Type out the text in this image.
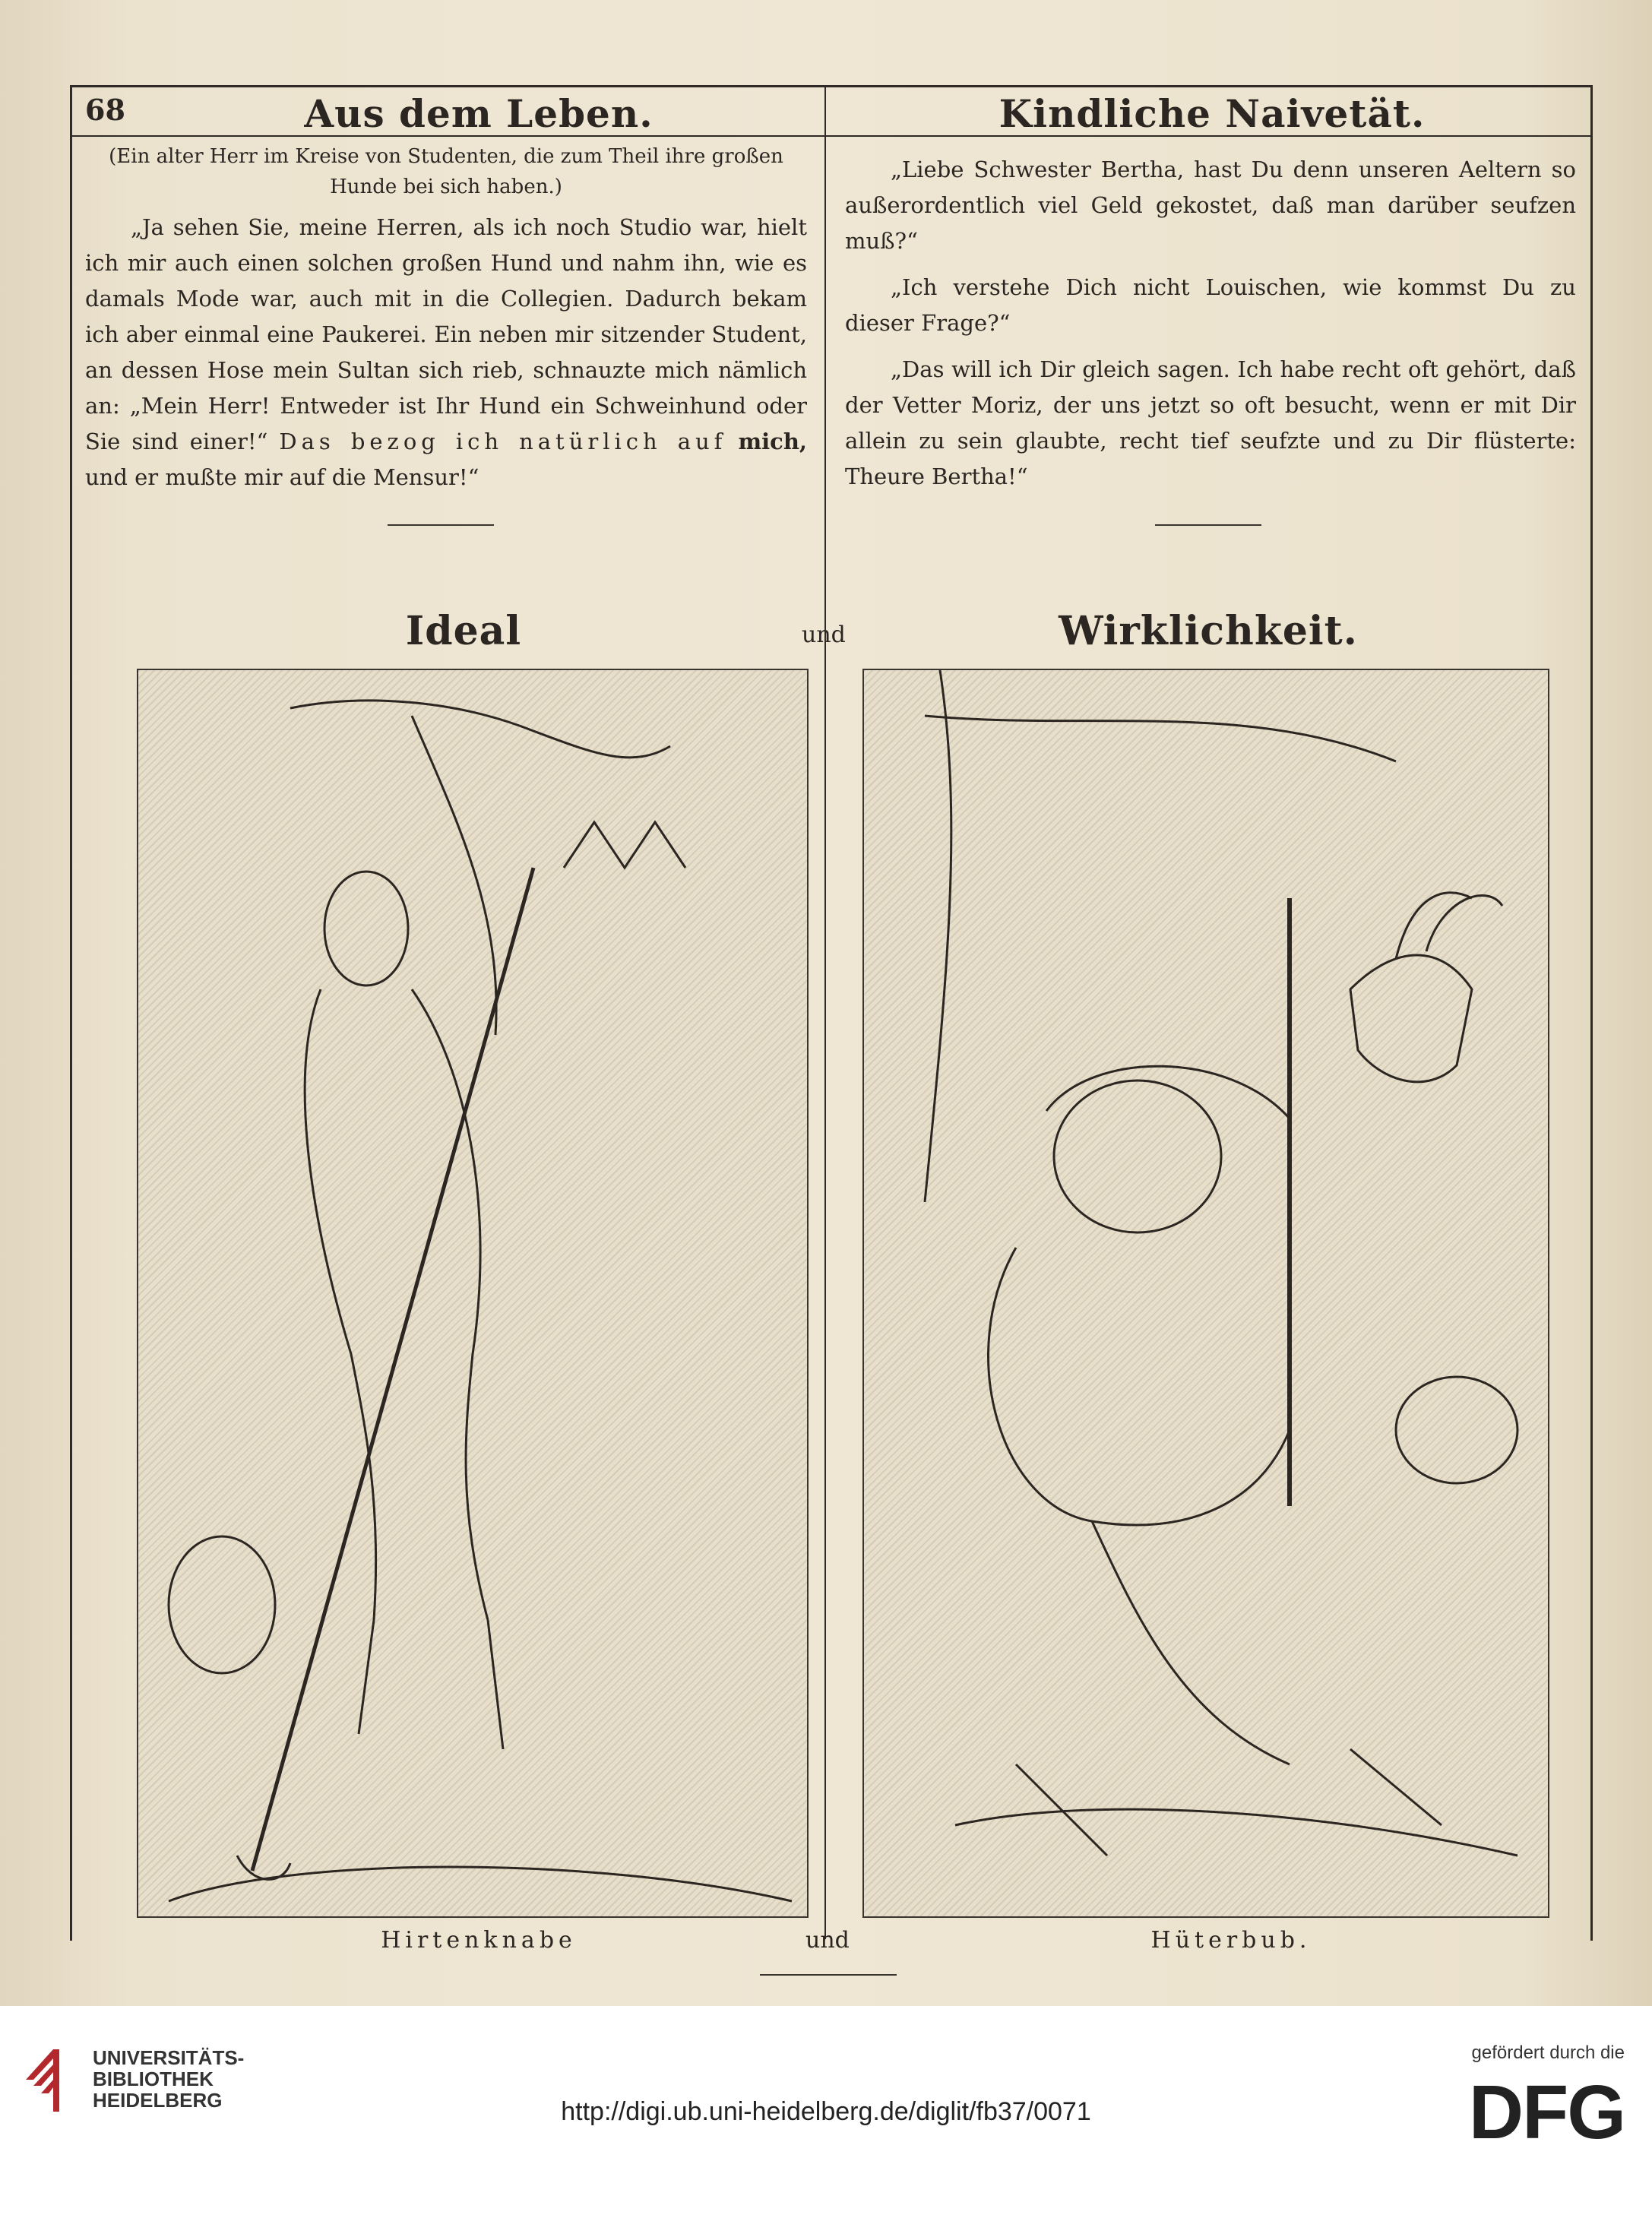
68	Aus dem Leben.	Kindliche Naivetät.

(Ein alter Herr im Kreise von Studenten, die zum Theil ihre großen Hunde bei sich haben.)

„Ja sehen Sie, meine Herren, als ich noch Studio war, hielt ich mir auch einen solchen großen Hund und nahm ihn, wie es damals Mode war, auch mit in die Collegien. Dadurch bekam ich aber einmal eine Paukerei. Ein neben mir sitzender Student, an dessen Hose mein Sultan sich rieb, schnauzte mich nämlich an: „Mein Herr! Entweder ist Ihr Hund ein Schweinhund oder Sie sind einer!“ Das bezog ich natürlich auf mich, und er mußte mir auf die Mensur!“

„Liebe Schwester Bertha, hast Du denn unseren Aeltern so außerordentlich viel Geld gekostet, daß man darüber seufzen muß?“

„Ich verstehe Dich nicht Louischen, wie kommst Du zu dieser Frage?“

„Das will ich Dir gleich sagen. Ich habe recht oft gehört, daß der Vetter Moriz, der uns jetzt so oft besucht, wenn er mit Dir allein zu sein glaubte, recht tief seufzte und zu Dir flüsterte: Theure Bertha!“

Ideal	und	Wirklichkeit.
Hirtenknabe	und	Hüterbub.
UNIVERSITÄTS-
BIBLIOTHEK
HEIDELBERG	http://digi.ub.uni-heidelberg.de/diglit/fb37/0071
gefördert durch die
DFG
